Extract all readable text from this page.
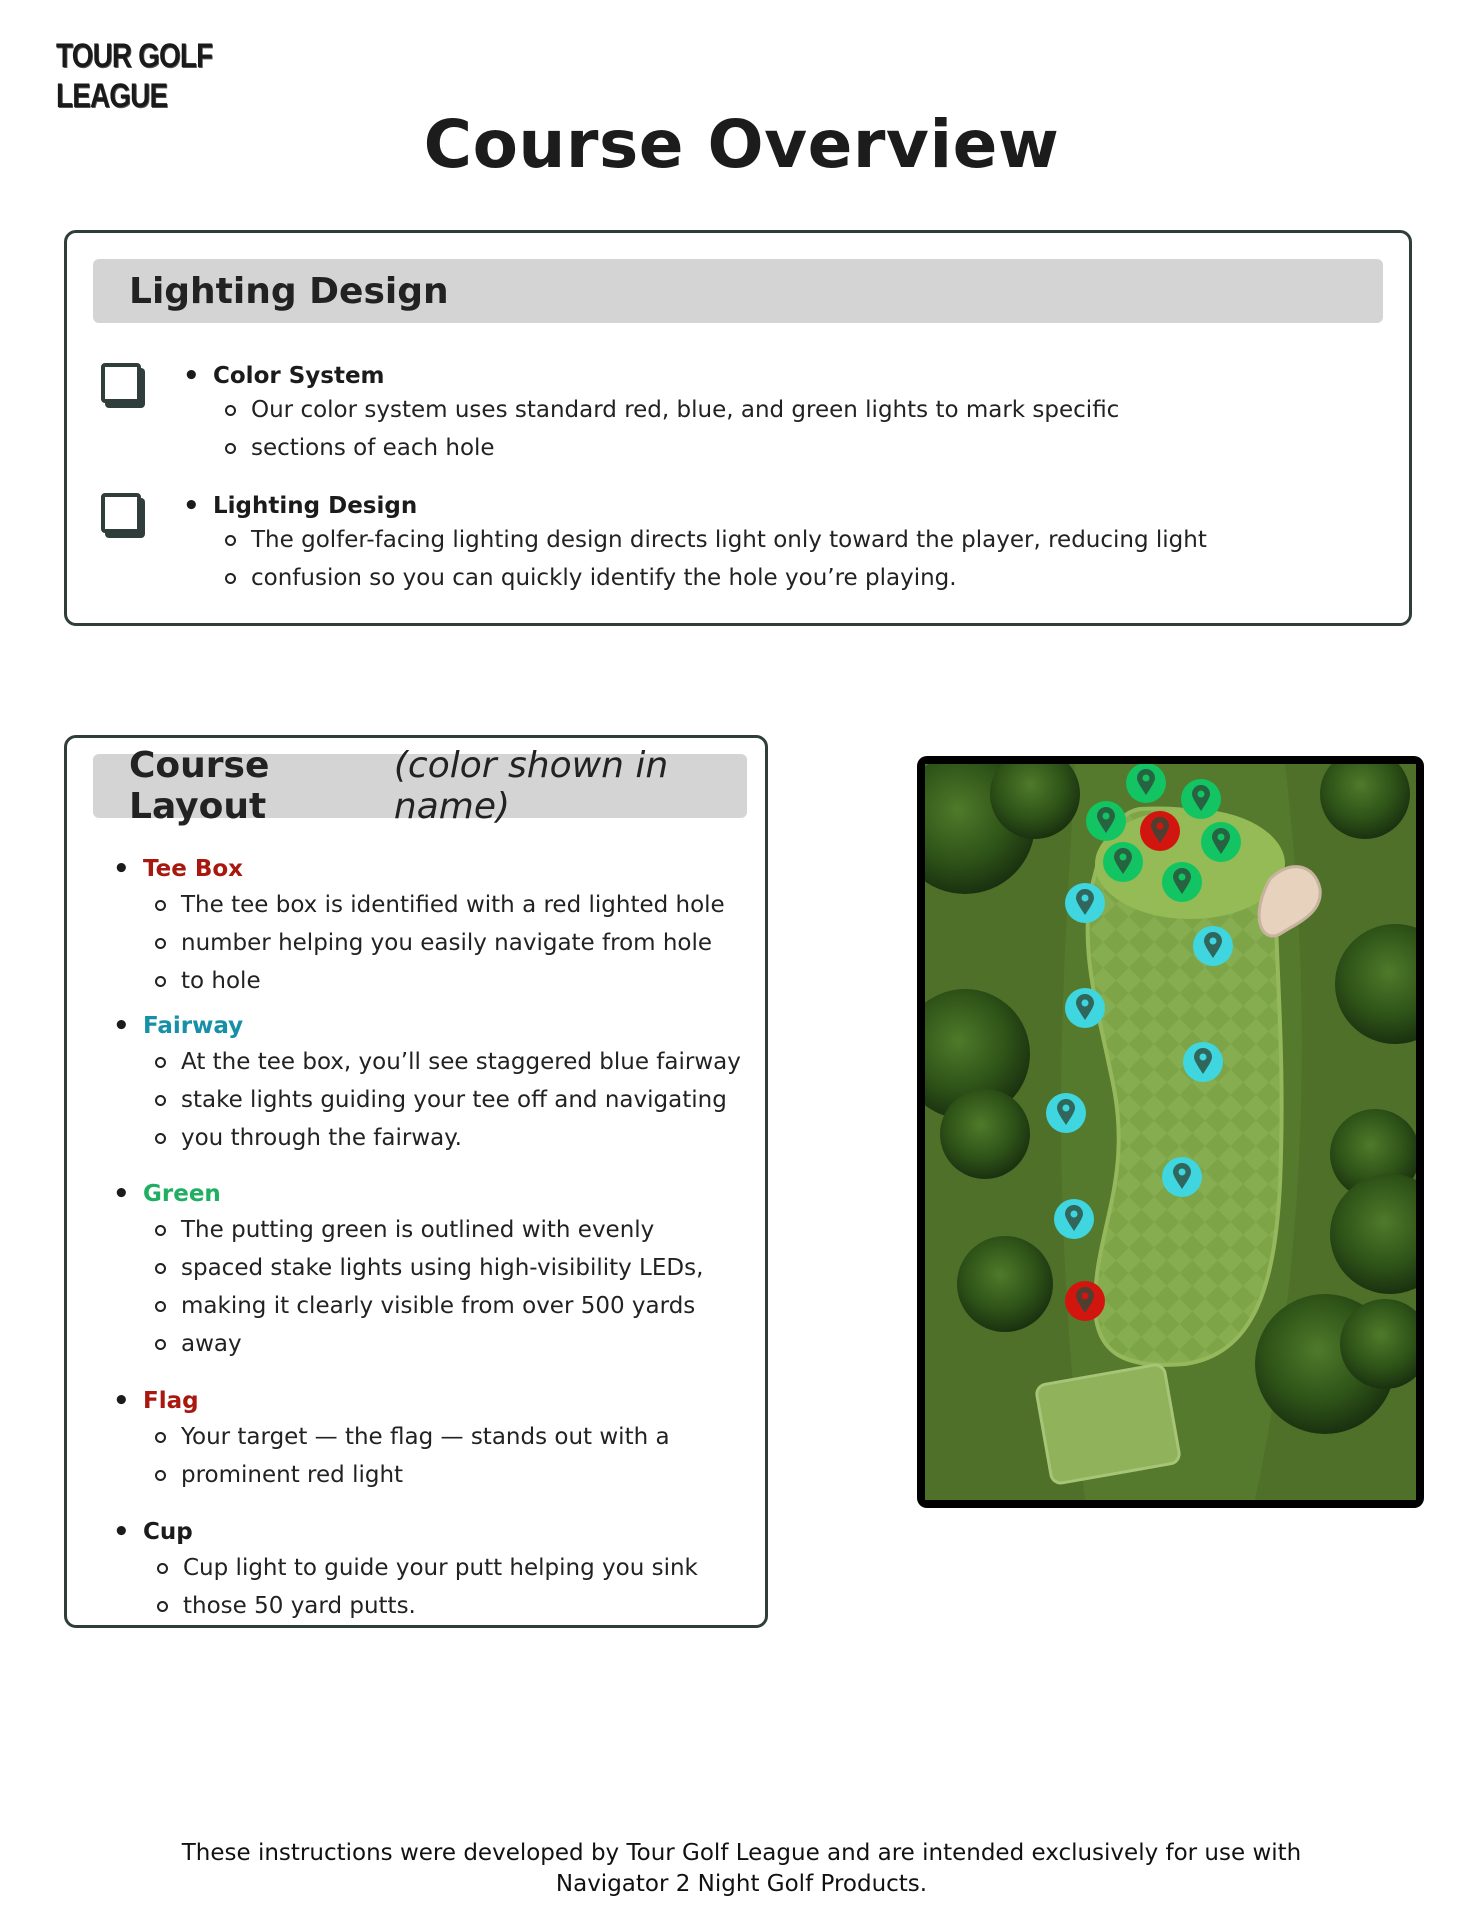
TOUR GOLF
LEAGUE
Course Overview
Lighting Design
• Color System
Our color system uses standard red, blue, and green lights to mark specific
sections of each hole
• Lighting Design
The golfer-facing lighting design directs light only toward the player, reducing light
confusion so you can quickly identify the hole you’re playing.
Course Layout
(color shown in name)
• Tee Box
The tee box is identified with a red lighted hole
number helping you easily navigate from hole
to hole
• Fairway
At the tee box, you’ll see staggered blue fairway
stake lights guiding your tee off and navigating
you through the fairway.
• Green
The putting green is outlined with evenly
spaced stake lights using high-visibility LEDs,
making it clearly visible from over 500 yards
away
• Flag
Your target — the flag — stands out with a
prominent red light
• Cup
Cup light to guide your putt helping you sink
those 50 yard putts.
These instructions were developed by Tour Golf League and are intended exclusively for use with
Navigator 2 Night Golf Products.
